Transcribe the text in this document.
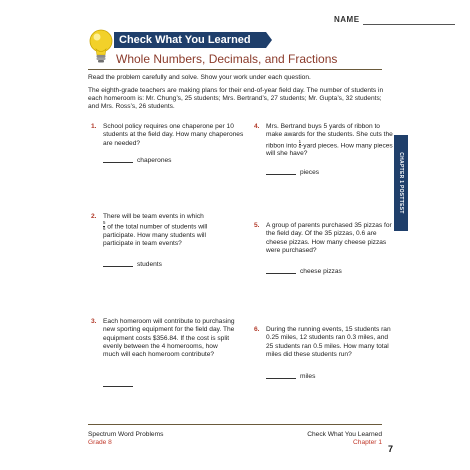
NAME
Check What You Learned
Whole Numbers, Decimals, and Fractions
Read the problem carefully and solve. Show your work under each question.
The eighth-grade teachers are making plans for their end-of-year field day. The number of students in each homeroom is: Mr. Chung’s, 25 students; Mrs. Bertrand’s, 27 students; Mr. Gupta’s, 32 students; and Mrs. Ross’s, 26 students.
1. School policy requires one chaperone per 10 students at the field day. How many chaperones are needed?
chaperones
4. Mrs. Bertrand buys 5 yards of ribbon to make awards for the students. She cuts the ribbon into $\frac{1}{6}$ -yard pieces. How many pieces will she have?
pieces
2. There will be team events in which

$\frac{5}{6}$ of the total number of students will participate. How many students will participate in team events?
students
5. A group of parents purchased 35 pizzas for the field day. Of the 35 pizzas, 0.6 are cheese pizzas. How many cheese pizzas were purchased?
cheese pizzas
3. Each homeroom will contribute to purchasing new sporting equipment for the field day. The equipment costs $356.84. If the cost is split evenly between the 4 homerooms, how much will each homeroom contribute?
6. During the running events, 15 students ran 0.25 miles, 12 students ran 0.3 miles, and 25 students ran 0.5 miles. How many total miles did these students run?
miles
CHAPTER 1 POSTTEST
Spectrum Word Problems
Grade 8
Check What You Learned
Chapter 1
7
